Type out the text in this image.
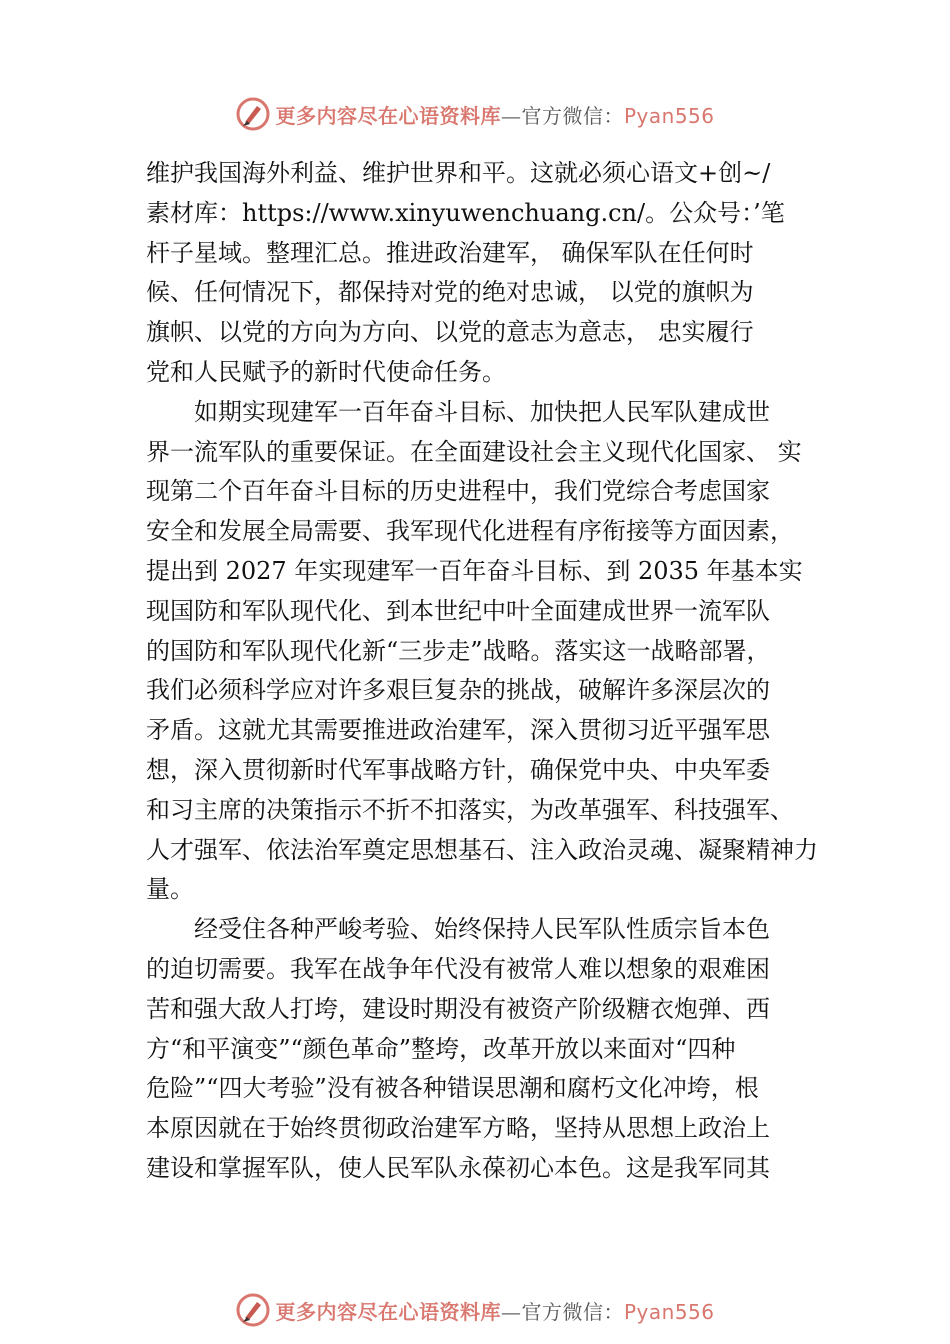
更多内容尽在心语资料库—官方微信：Pyan556
维护我国海外利益、维护世界和平。这就必须心语文+创~/
素材库：https://www.xinyuwenchuang.cn/。公众号：’笔
杆子星域。整理汇总。推进政治建军， 确保军队在任何时
候、任何情况下，都保持对党的绝对忠诚， 以党的旗帜为
旗帜、以党的方向为方向、以党的意志为意志， 忠实履行
党和人民赋予的新时代使命任务。
如期实现建军一百年奋斗目标、加快把人民军队建成世
界一流军队的重要保证。在全面建设社会主义现代化国家、 实
现第二个百年奋斗目标的历史进程中，我们党综合考虑国家
安全和发展全局需要、我军现代化进程有序衔接等方面因素，
提出到 2027 年实现建军一百年奋斗目标、到 2035 年基本实
现国防和军队现代化、到本世纪中叶全面建成世界一流军队
的国防和军队现代化新“三步走”战略。落实这一战略部署，
我们必须科学应对许多艰巨复杂的挑战，破解许多深层次的
矛盾。这就尤其需要推进政治建军，深入贯彻习近平强军思
想，深入贯彻新时代军事战略方针，确保党中央、中央军委
和习主席的决策指示不折不扣落实，为改革强军、科技强军、
人才强军、依法治军奠定思想基石、注入政治灵魂、凝聚精神力
量。
经受住各种严峻考验、始终保持人民军队性质宗旨本色
的迫切需要。我军在战争年代没有被常人难以想象的艰难困
苦和强大敌人打垮，建设时期没有被资产阶级糖衣炮弹、西
方“和平演变”“颜色革命”整垮，改革开放以来面对“四种
危险”“四大考验”没有被各种错误思潮和腐朽文化冲垮，根
本原因就在于始终贯彻政治建军方略，坚持从思想上政治上
建设和掌握军队，使人民军队永葆初心本色。这是我军同其
更多内容尽在心语资料库—官方微信：Pyan556
